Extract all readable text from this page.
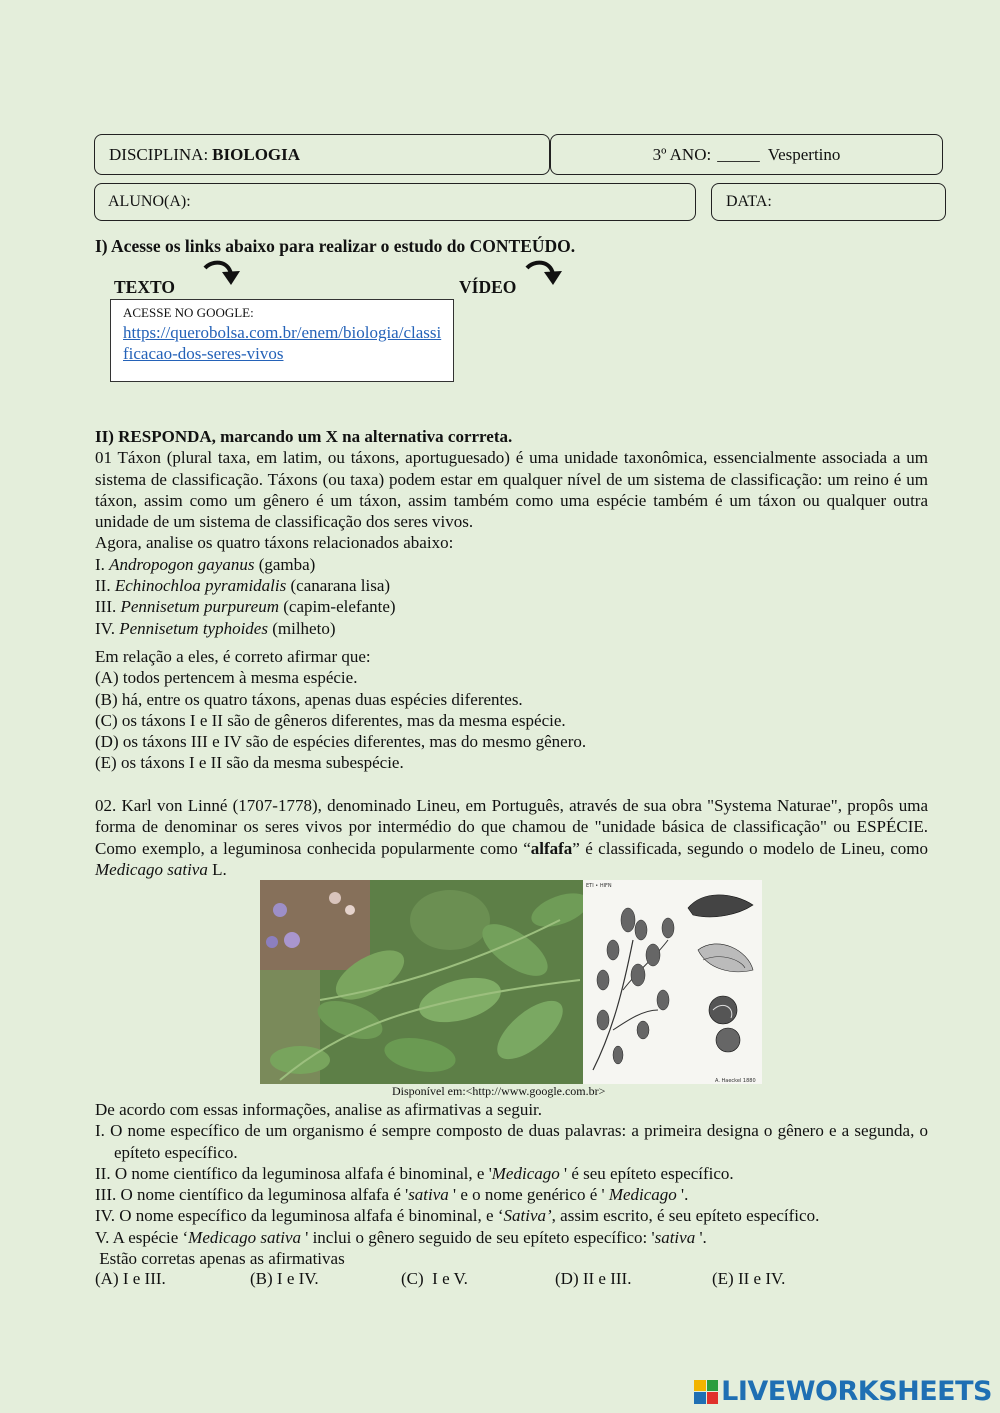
DISCIPLINA: BIOLOGIA	3º ANO: _____ Vespertino
ALUNO(A):	DATA:
I) Acesse os links abaixo para realizar o estudo do CONTEÚDO.
TEXTO	VÍDEO
ACESSE NO GOOGLE:
https://querobolsa.com.br/enem/biologia/classificacao-dos-seres-vivos

II) RESPONDA, marcando um X na alternativa corrreta.

01 Táxon (plural taxa, em latim, ou táxons, aportuguesado) é uma unidade taxonômica, essencialmente associada a um sistema de classificação. Táxons (ou taxa) podem estar em qualquer nível de um sistema de classificação: um reino é um táxon, assim como um gênero é um táxon, assim também como uma espécie também é um táxon ou qualquer outra unidade de um sistema de classificação dos seres vivos.

Agora, analise os quatro táxons relacionados abaixo:

I. Andropogon gayanus (gamba)

II. Echinochloa pyramidalis (canarana lisa)

III. Pennisetum purpureum (capim-elefante)

IV. Pennisetum typhoides (milheto)

Em relação a eles, é correto afirmar que:

(A) todos pertencem à mesma espécie.

(B) há, entre os quatro táxons, apenas duas espécies diferentes.

(C) os táxons I e II são de gêneros diferentes, mas da mesma espécie.

(D) os táxons III e IV são de espécies diferentes, mas do mesmo gênero.

(E) os táxons I e II são da mesma subespécie.

02. Karl von Linné (1707-1778), denominado Lineu, em Português, através de sua obra "Systema Naturae", propôs uma forma de denominar os seres vivos por intermédio do que chamou de "unidade básica de classificação" ou ESPÉCIE. Como exemplo, a leguminosa conhecida popularmente como “alfafa” é classificada, segundo o modelo de Lineu, como Medicago sativa L.
ETI • HIFN
A. Haeckel 1880
Disponível em:<http://www.google.com.br>

De acordo com essas informações, analise as afirmativas a seguir.

I. O nome específico de um organismo é sempre composto de duas palavras: a primeira designa o gênero e a segunda, o epíteto específico.

II. O nome científico da leguminosa alfafa é binominal, e 'Medicago ' é seu epíteto específico.

III. O nome científico da leguminosa alfafa é 'sativa ' e o nome genérico é ' Medicago '.

IV. O nome específico da leguminosa alfafa é binominal, e ‘Sativa’, assim escrito, é seu epíteto específico.

V. A espécie ‘Medicago sativa ' inclui o gênero seguido de seu epíteto específico: 'sativa '.

Estão corretas apenas as afirmativas

(A) I e III.	(B) I e IV.	(C)  I e V.	(D) II e III.	(E) II e IV.
LIVEWORKSHEETS
